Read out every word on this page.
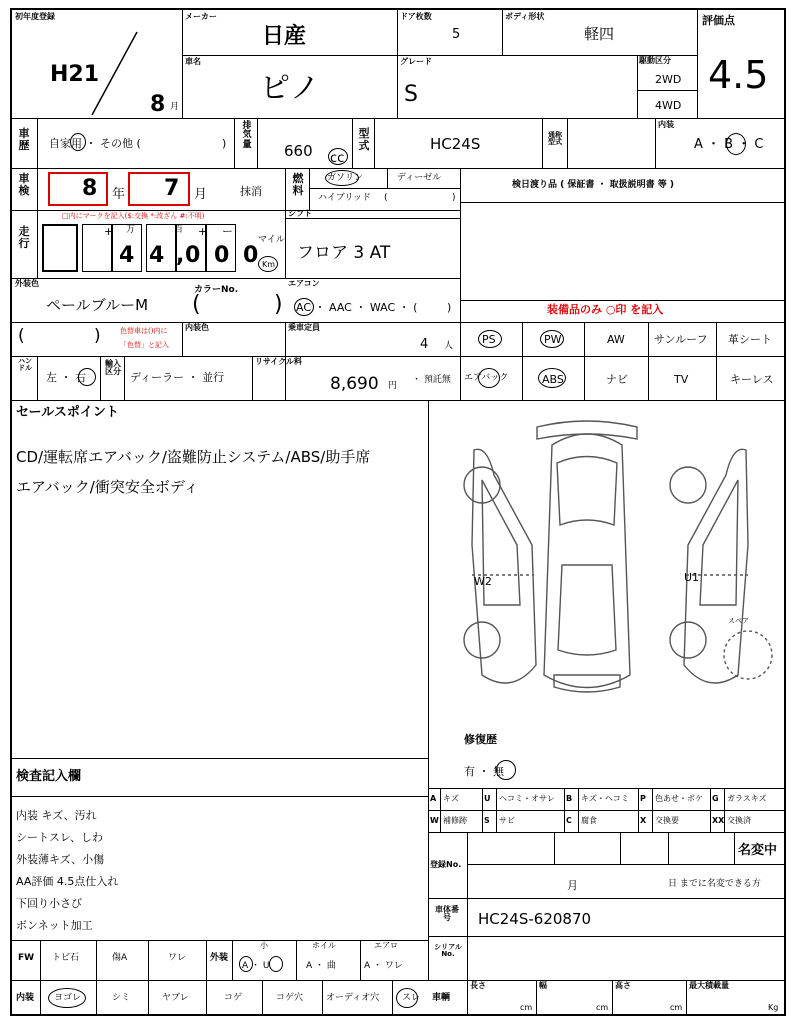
初年度登録
H21
8 月
メーカー
日産
ドア枚数
5
ボディ形状
軽四
車名
ピノ
グレード
S
駆動区分
2WD
4WD
評価点
4.5
車歴 自家用 ・ その他 (	)
排気量 660 cc
型式	HC24S	通称型式
内装
A ・ B ・ C
車検 8 年 7 月	抹消
燃料
ガソリン	ディーゼル
ハイブリッド (	)
検日渡り品 ( 保証書 ・ 取扱説明書 等 )
走行
□内にマークを記入($:交換 *:改ざん #:不明)
+ 万	百 + ー
4 4 , 0 0 0
マイル
Km
シフト
フロア 3 AT
外装色
ペールブルーM
カラーNo.
(	)
エアコン
AC ・ AAC ・ WAC ・ (	)	装備品のみ ○印 を記入
(	)	色替車は()内に
「色替」と記入
内装色	乗車定員
4 人	PS	PW	AW	サンルーフ 革シート
ハンドル
左 ・ 右
輸入区分 ディーラー ・ 並行
リサイクル料
8,690 円
・ 預託無 エアバック	ABS	ナビ	TV	キーレス
セールスポイント
CD/運転席エアバック/盗難防止システム/ABS/助手席
エアバック/衝突安全ボディ
W2	U1
スペア
修復歴
有 ・ 無
検査記入欄
内装 キズ、汚れ
シートスレ、しわ
外装薄キズ、小傷
AA評価 4.5点仕入れ
下回り小さび
ボンネット加工
登録No.
名変中
月	日 までに名変できる方
車体番号	HC24S-620870
FW トビ石	傷A	ワレ	外装
小	ホイル	エアロ
A ・ U	A ・ 曲	A ・ ワレ
シリアルNo.
内装 ヨゴレ	シミ	ヤブレ	コゲ	コゲ穴	オーディオ穴	スレ 車輌
長さ
cm
幅
cm
高さ
cm
最大積載量
Kg
A キズ	U ヘコミ・オサレ B キズ・ヘコミ P 色あせ・ボケ G ガラスキズ
W 補修跡 S サビ	C 腐食	X 交換要	XX 交換済
